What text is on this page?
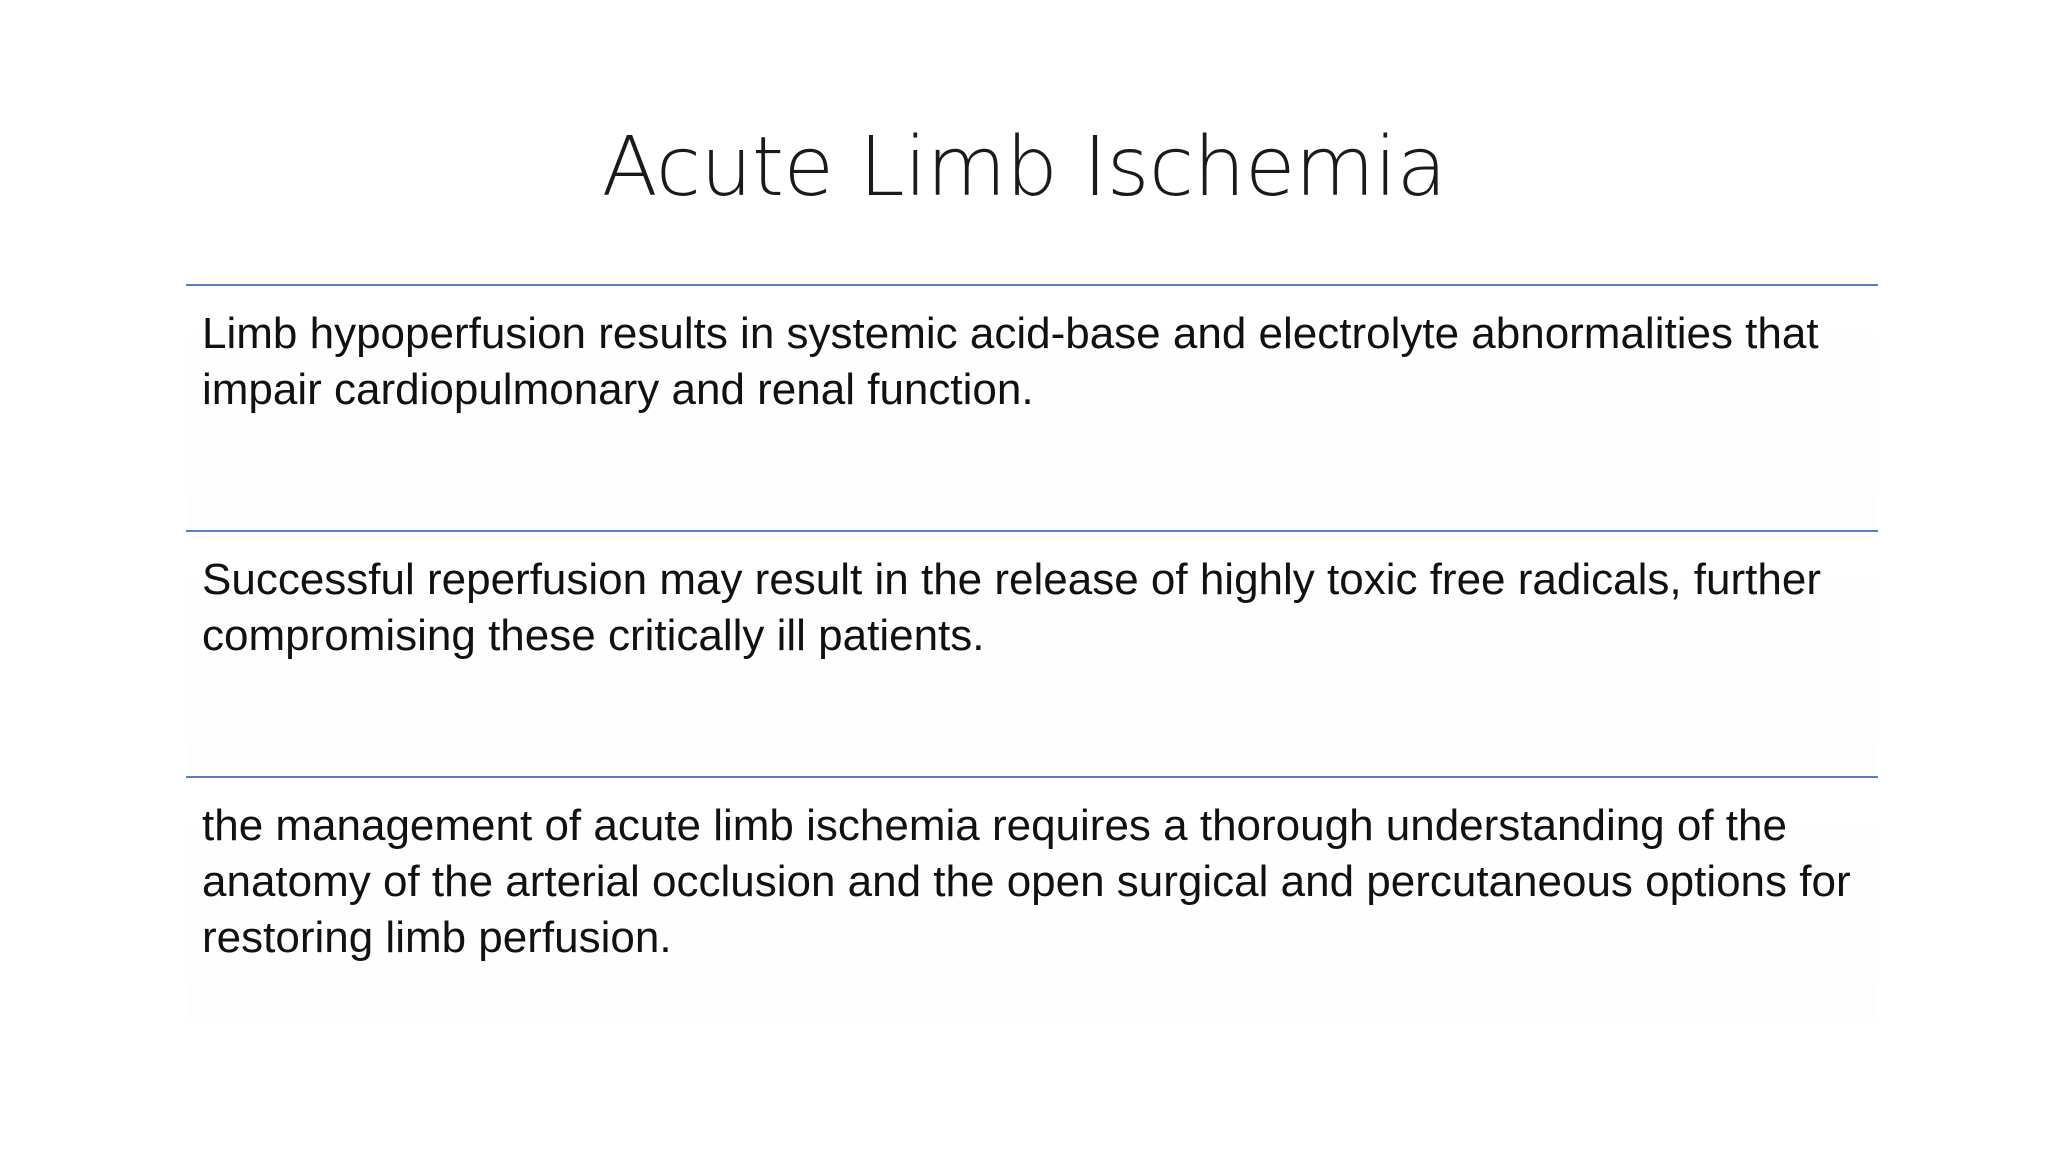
Acute Limb Ischemia

Limb hypoperfusion results in systemic acid-base and electrolyte abnormalities that impair cardiopulmonary and renal function.

Successful reperfusion may result in the release of highly toxic free radicals, further compromising these critically ill patients.

the management of acute limb ischemia requires a thorough understanding of the anatomy of the arterial occlusion and the open surgical and percutaneous options for restoring limb perfusion.
